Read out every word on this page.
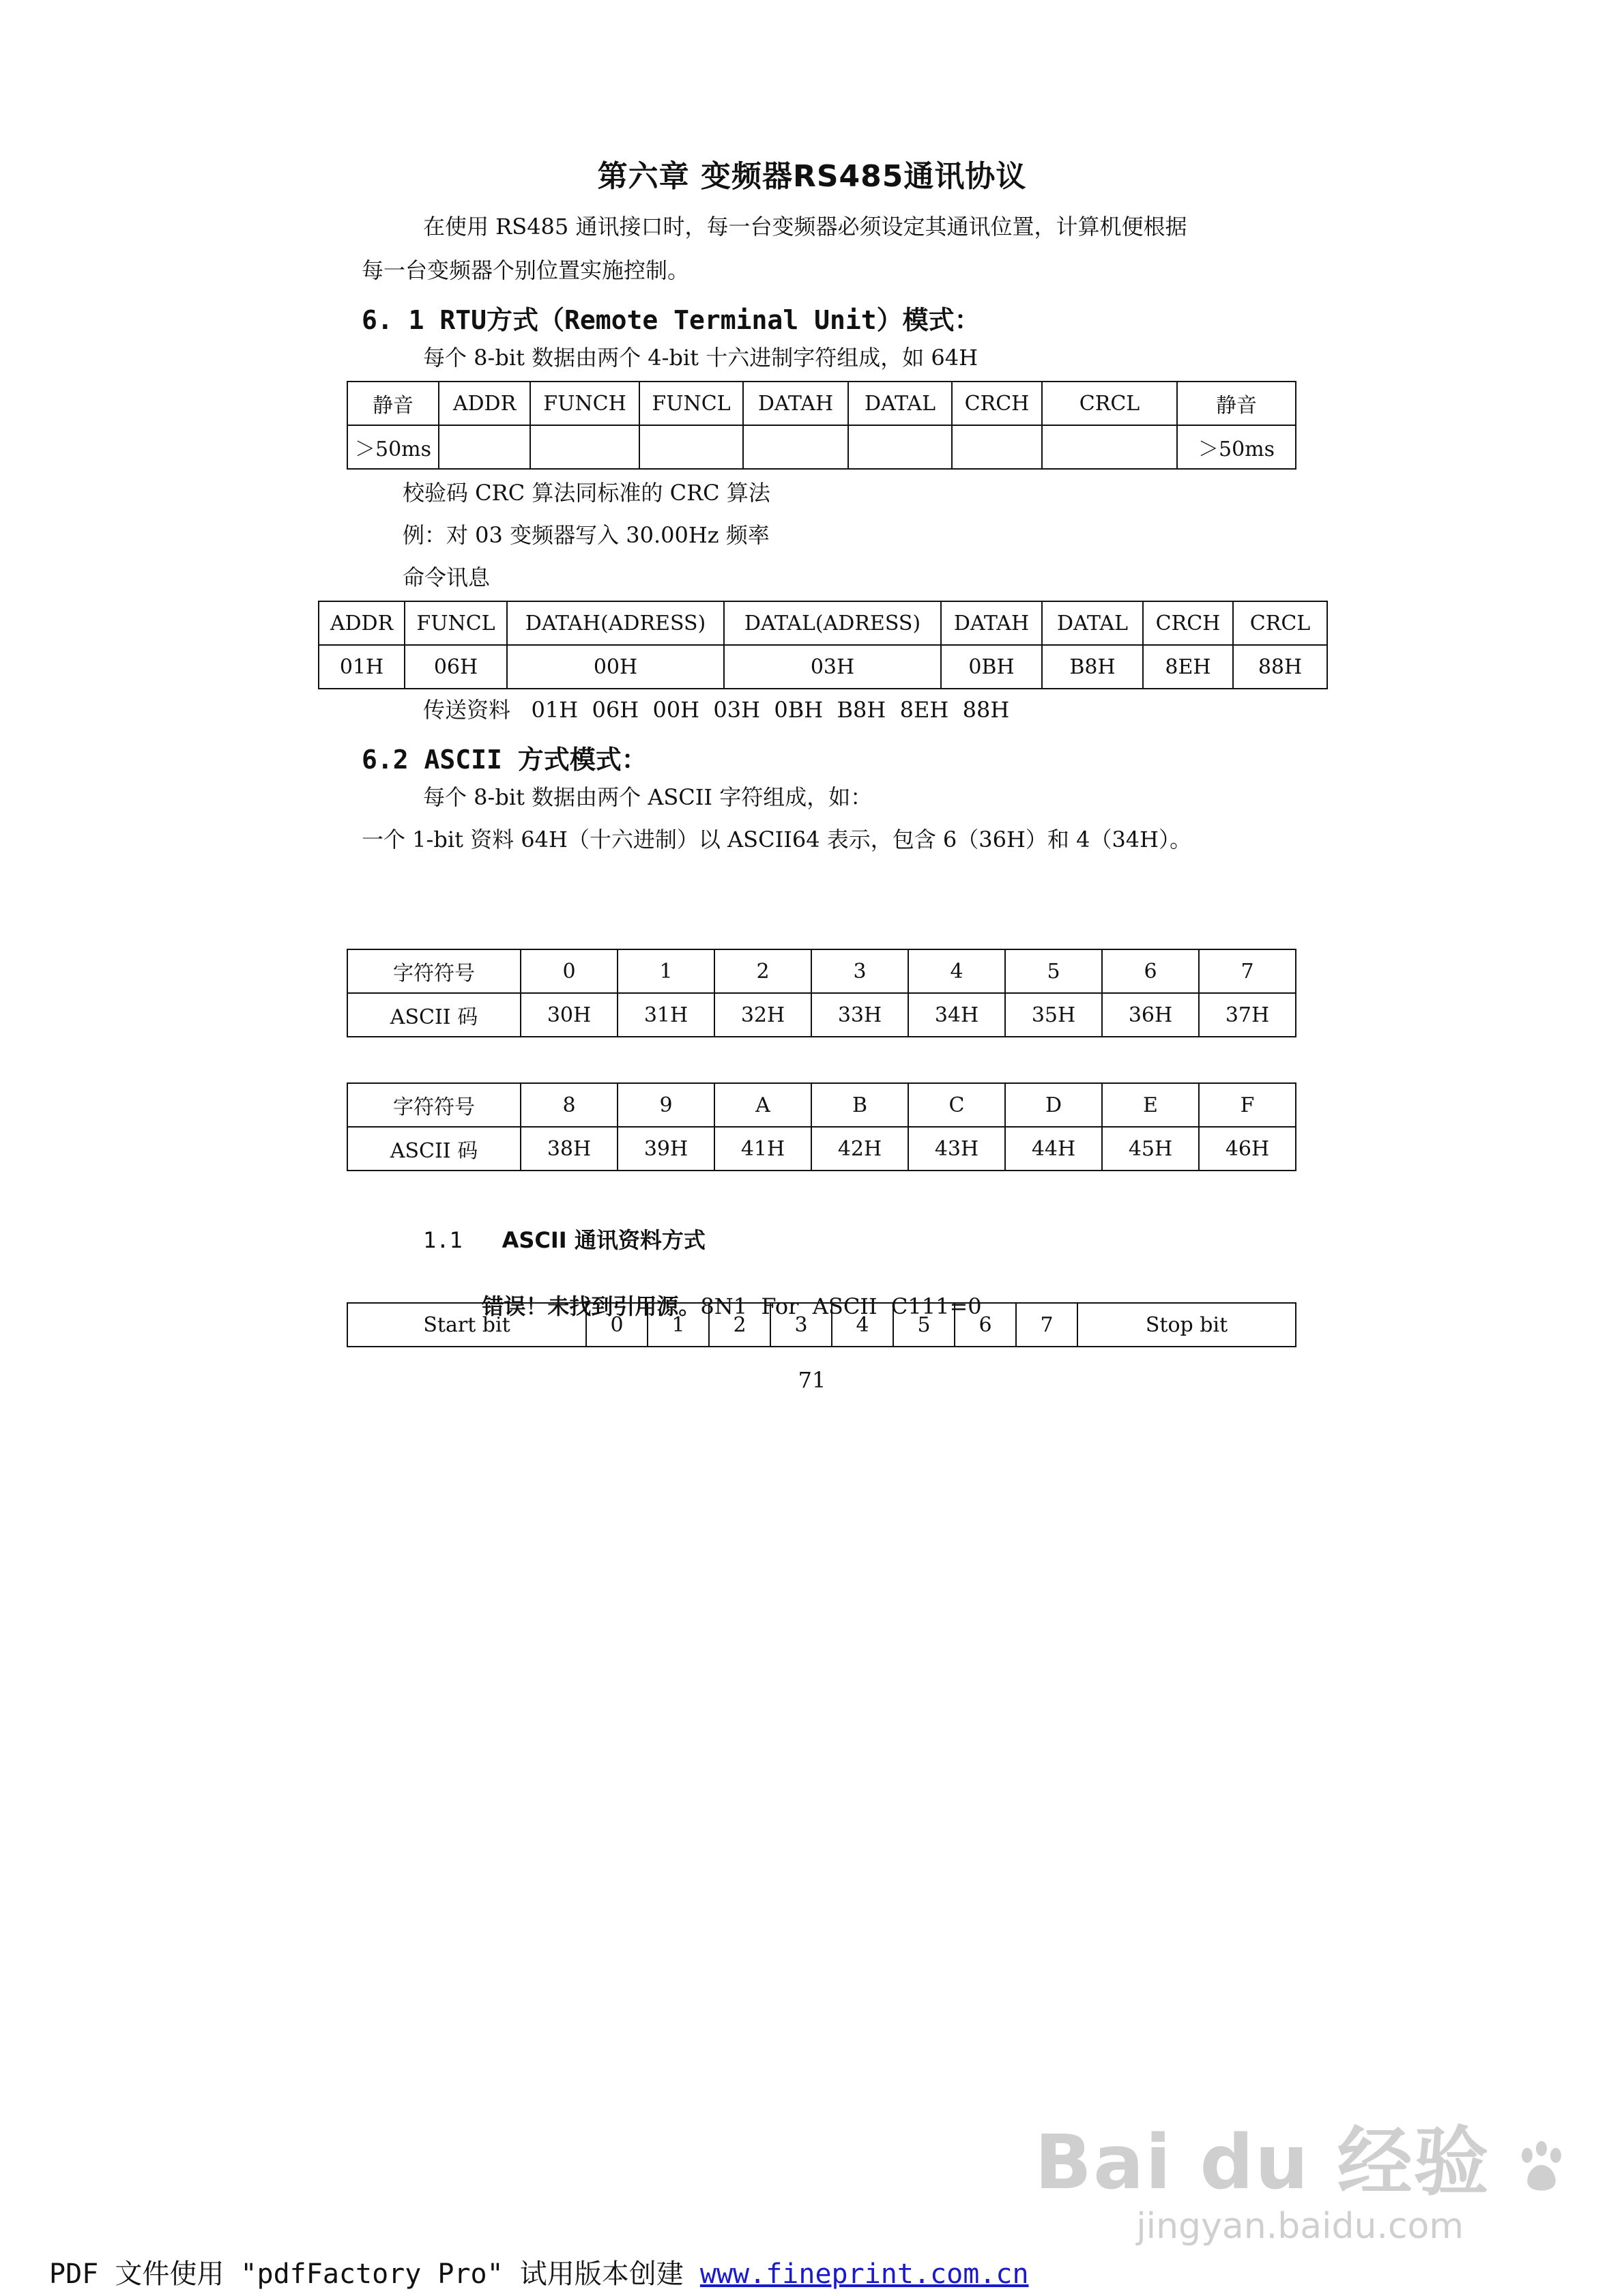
第六章 变频器RS485通讯协议
在使用 RS485 通讯接口时，每一台变频器必须设定其通讯位置，计算机便根据
每一台变频器个别位置实施控制。
6. 1 RTU方式（Remote Terminal Unit）模式：
每个 8-bit 数据由两个 4-bit 十六进制字符组成，如 64H
静音	ADDR	FUNCH	FUNCL	DATAH	DATAL	CRCH	CRCL	静音
＞50ms								＞50ms
校验码 CRC 算法同标准的 CRC 算法
例：对 03 变频器写入 30.00Hz 频率
命令讯息
ADDR	FUNCL	DATAH(ADRESS)	DATAL(ADRESS)	DATAH	DATAL	CRCH	CRCL
01H	06H	00H	03H	0BH	B8H	8EH	88H
传送资料   01H  06H  00H  03H  0BH  B8H  8EH  88H
6.2 ASCII 方式模式：
每个 8-bit 数据由两个 ASCII 字符组成，如：
一个 1-bit 资料 64H（十六进制）以 ASCII64 表示，包含 6（36H）和 4（34H）。
字符符号	0	1	2	3	4	5	6	7
ASCII 码	30H	31H	32H	33H	34H	35H	36H	37H
字符符号	8	9	A	B	C	D	E	F
ASCII 码	38H	39H	41H	42H	43H	44H	45H	46H
1.1 ASCII 通讯资料方式

错误！未找到引用源。8N1  For  ASCII  C111=0

Start bit	0	1	2	3	4	5	6	7	Stop bit
71
Bai du 经验
jingyan.baidu.com
PDF 文件使用 "pdfFactory Pro" 试用版本创建 www.fineprint.com.cn
